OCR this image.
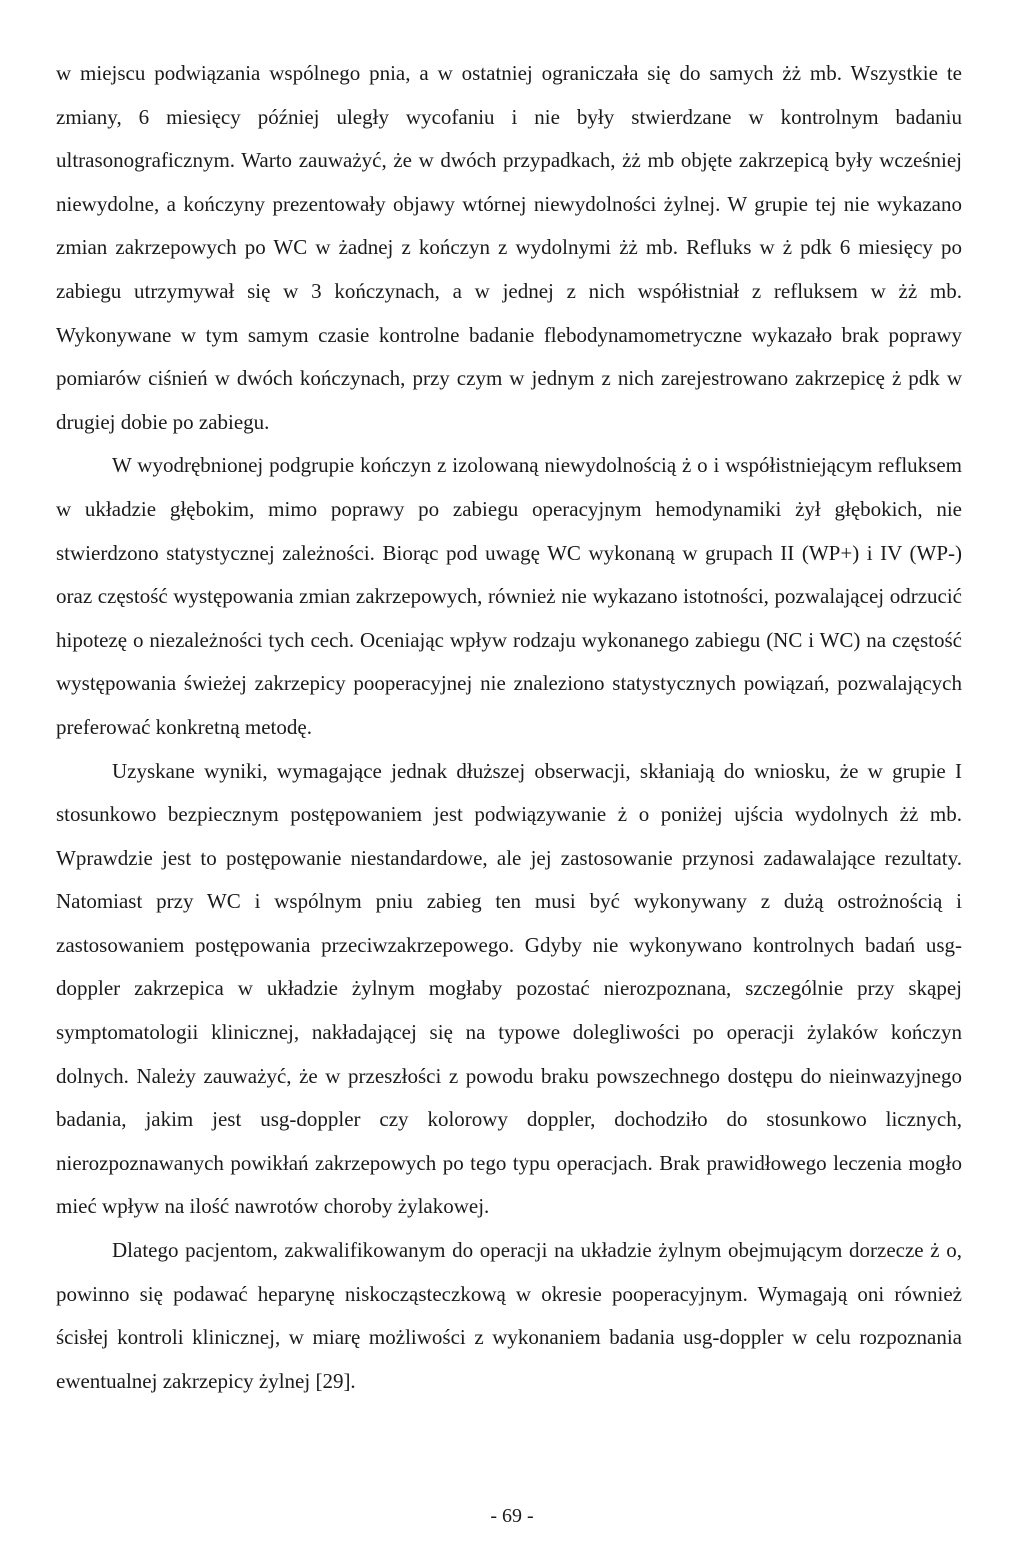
w miejscu podwiązania wspólnego pnia, a w ostatniej ograniczała się do samych żż mb. Wszystkie te zmiany, 6 miesięcy później uległy wycofaniu i nie były stwierdzane w kontrolnym badaniu ultrasonograficznym. Warto zauważyć, że w dwóch przypadkach, żż mb objęte zakrzepicą były wcześniej niewydolne, a kończyny prezentowały objawy wtórnej niewydolności żylnej. W grupie tej nie wykazano zmian zakrzepowych po WC w żadnej z kończyn z wydolnymi żż mb. Refluks w ż pdk 6 miesięcy po zabiegu utrzymywał się w 3 kończynach, a w jednej z nich współistniał z refluksem w żż mb. Wykonywane w tym samym czasie kontrolne badanie flebodynamometryczne wykazało brak poprawy pomiarów ciśnień w dwóch kończynach, przy czym w jednym z nich zarejestrowano zakrzepicę ż pdk w drugiej dobie po zabiegu.

W wyodrębnionej podgrupie kończyn z izolowaną niewydolnością ż o i współistniejącym refluksem w układzie głębokim, mimo poprawy po zabiegu operacyjnym hemodynamiki żył głębokich, nie stwierdzono statystycznej zależności. Biorąc pod uwagę WC wykonaną w grupach II (WP+) i IV (WP-) oraz częstość występowania zmian zakrzepowych, również nie wykazano istotności, pozwalającej odrzucić hipotezę o niezależności tych cech. Oceniając wpływ rodzaju wykonanego zabiegu (NC i WC) na częstość występowania świeżej zakrzepicy pooperacyjnej nie znaleziono statystycznych powiązań, pozwalających preferować konkretną metodę.

Uzyskane wyniki, wymagające jednak dłuższej obserwacji, skłaniają do wniosku, że w grupie I stosunkowo bezpiecznym postępowaniem jest podwiązywanie ż o poniżej ujścia wydolnych żż mb. Wprawdzie jest to postępowanie niestandardowe, ale jej zastosowanie przynosi zadawalające rezultaty. Natomiast przy WC i wspólnym pniu zabieg ten musi być wykonywany z dużą ostrożnością i zastosowaniem postępowania przeciwzakrzepowego. Gdyby nie wykonywano kontrolnych badań usg-doppler zakrzepica w układzie żylnym mogłaby pozostać nierozpoznana, szczególnie przy skąpej symptomatologii klinicznej, nakładającej się na typowe dolegliwości po operacji żylaków kończyn dolnych. Należy zauważyć, że w przeszłości z powodu braku powszechnego dostępu do nieinwazyjnego badania, jakim jest usg-doppler czy kolorowy doppler, dochodziło do stosunkowo licznych, nierozpoznawanych powikłań zakrzepowych po tego typu operacjach. Brak prawidłowego leczenia mogło mieć wpływ na ilość nawrotów choroby żylakowej.

Dlatego pacjentom, zakwalifikowanym do operacji na układzie żylnym obejmującym dorzecze ż o, powinno się podawać heparynę niskocząsteczkową w okresie pooperacyjnym. Wymagają oni również ścisłej kontroli klinicznej, w miarę możliwości z wykonaniem badania usg-doppler w celu rozpoznania ewentualnej zakrzepicy żylnej [29].

- 69 -
